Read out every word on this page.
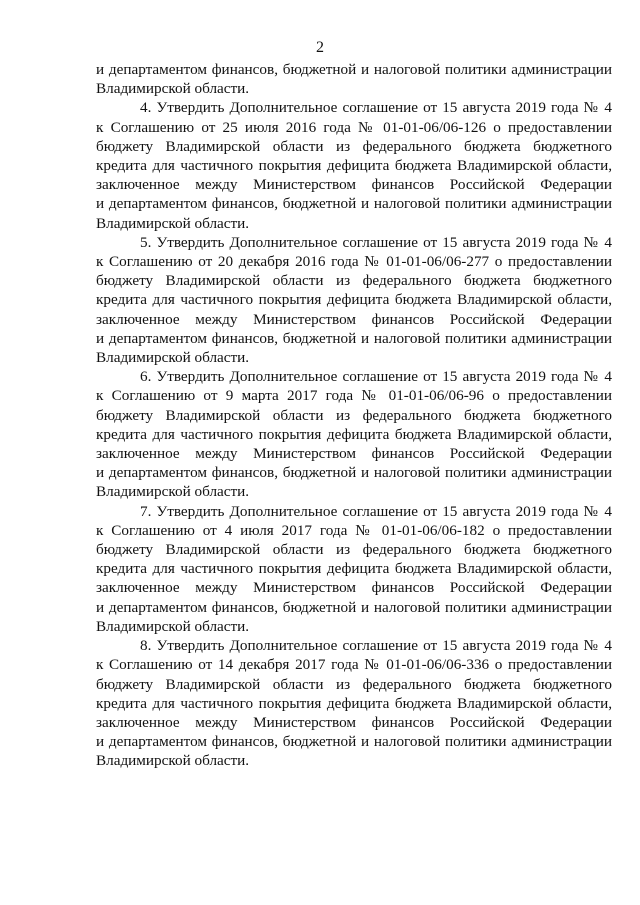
2
и департаментом финансов, бюджетной и налоговой политики администрации
Владимирской области.
4. Утвердить Дополнительное соглашение от 15 августа 2019 года № 4
к Соглашению от 25 июля 2016 года № 01-01-06/06-126 о предоставлении
бюджету Владимирской области из федерального бюджета бюджетного
кредита для частичного покрытия дефицита бюджета Владимирской области,
заключенное между Министерством финансов Российской Федерации
и департаментом финансов, бюджетной и налоговой политики администрации
Владимирской области.
5. Утвердить Дополнительное соглашение от 15 августа 2019 года № 4
к Соглашению от 20 декабря 2016 года № 01-01-06/06-277 о предоставлении
бюджету Владимирской области из федерального бюджета бюджетного
кредита для частичного покрытия дефицита бюджета Владимирской области,
заключенное между Министерством финансов Российской Федерации
и департаментом финансов, бюджетной и налоговой политики администрации
Владимирской области.
6. Утвердить Дополнительное соглашение от 15 августа 2019 года № 4
к Соглашению от 9 марта 2017 года № 01-01-06/06-96 о предоставлении
бюджету Владимирской области из федерального бюджета бюджетного
кредита для частичного покрытия дефицита бюджета Владимирской области,
заключенное между Министерством финансов Российской Федерации
и департаментом финансов, бюджетной и налоговой политики администрации
Владимирской области.
7. Утвердить Дополнительное соглашение от 15 августа 2019 года № 4
к Соглашению от 4 июля 2017 года № 01-01-06/06-182 о предоставлении
бюджету Владимирской области из федерального бюджета бюджетного
кредита для частичного покрытия дефицита бюджета Владимирской области,
заключенное между Министерством финансов Российской Федерации
и департаментом финансов, бюджетной и налоговой политики администрации
Владимирской области.
8. Утвердить Дополнительное соглашение от 15 августа 2019 года № 4
к Соглашению от 14 декабря 2017 года № 01-01-06/06-336 о предоставлении
бюджету Владимирской области из федерального бюджета бюджетного
кредита для частичного покрытия дефицита бюджета Владимирской области,
заключенное между Министерством финансов Российской Федерации
и департаментом финансов, бюджетной и налоговой политики администрации
Владимирской области.
